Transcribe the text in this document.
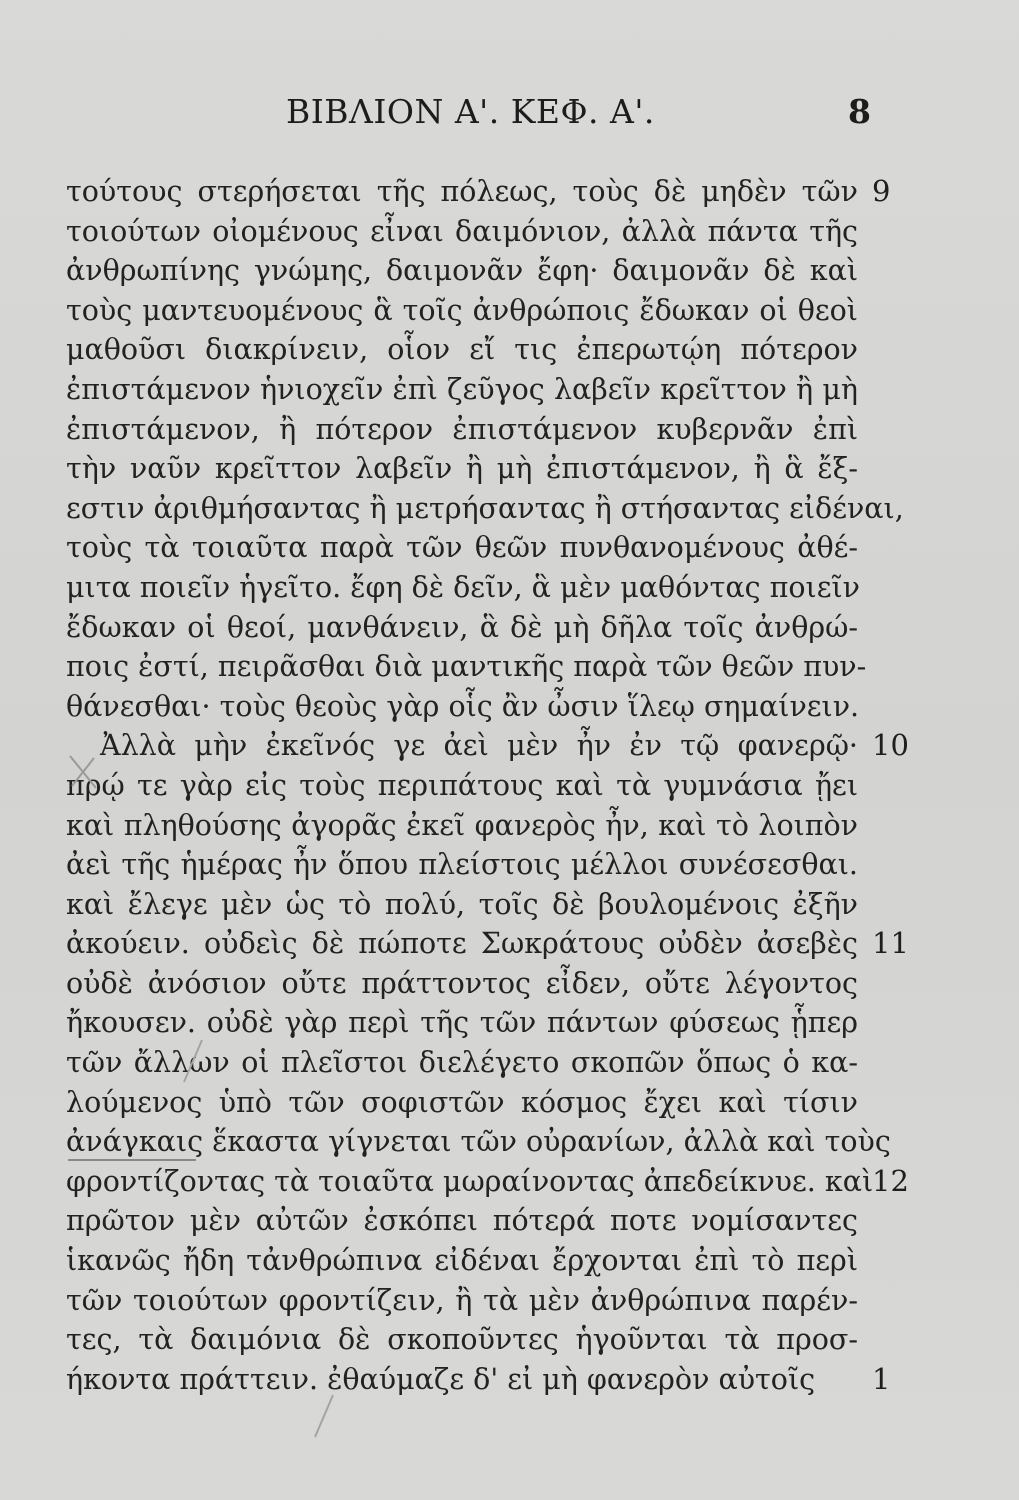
ΒΙΒΛΙΟΝ Α'. ΚΕΦ. Α'.	8
τούτους στερήσεται τῆς πόλεως, τοὺς δὲ μηδὲν τῶν
τοιούτων οἰομένους εἶναι δαιμόνιον, ἀλλὰ πάντα τῆς
ἀνθρωπίνης γνώμης, δαιμονᾶν ἔφη· δαιμονᾶν δὲ καὶ
τοὺς μαντευομένους ἃ τοῖς ἀνθρώποις ἔδωκαν οἱ θεοὶ
μαθοῦσι διακρίνειν, οἷον εἴ τις ἐπερωτῴη πότερον
ἐπιστάμενον ἡνιοχεῖν ἐπὶ ζεῦγος λαβεῖν κρεῖττον ἢ μὴ
ἐπιστάμενον, ἢ πότερον ἐπιστάμενον κυβερνᾶν ἐπὶ
τὴν ναῦν κρεῖττον λαβεῖν ἢ μὴ ἐπιστάμενον, ἢ ἃ ἔξ-
εστιν ἀριθμήσαντας ἢ μετρήσαντας ἢ στήσαντας εἰδέναι,
τοὺς τὰ τοιαῦτα παρὰ τῶν θεῶν πυνθανομένους ἀθέ-
μιτα ποιεῖν ἡγεῖτο. ἔφη δὲ δεῖν, ἃ μὲν μαθόντας ποιεῖν
ἔδωκαν οἱ θεοί, μανθάνειν, ἃ δὲ μὴ δῆλα τοῖς ἀνθρώ-
ποις ἐστί, πειρᾶσθαι διὰ μαντικῆς παρὰ τῶν θεῶν πυν-
θάνεσθαι· τοὺς θεοὺς γὰρ οἷς ἂν ὦσιν ἵλεῳ σημαίνειν.
Ἀλλὰ μὴν ἐκεῖνός γε ἀεὶ μὲν ἦν ἐν τῷ φανερῷ·
πρῴ τε γὰρ εἰς τοὺς περιπάτους καὶ τὰ γυμνάσια ᾔει
καὶ πληθούσης ἀγορᾶς ἐκεῖ φανερὸς ἦν, καὶ τὸ λοιπὸν
ἀεὶ τῆς ἡμέρας ἦν ὅπου πλείστοις μέλλοι συνέσεσθαι.
καὶ ἔλεγε μὲν ὡς τὸ πολύ, τοῖς δὲ βουλομένοις ἐξῆν
ἀκούειν. οὐδεὶς δὲ πώποτε Σωκράτους οὐδὲν ἀσεβὲς
οὐδὲ ἀνόσιον οὔτε πράττοντος εἶδεν, οὔτε λέγοντος
ἤκουσεν. οὐδὲ γὰρ περὶ τῆς τῶν πάντων φύσεως ᾗπερ
τῶν ἄλλων οἱ πλεῖστοι διελέγετο σκοπῶν ὅπως ὁ κα-
λούμενος ὑπὸ τῶν σοφιστῶν κόσμος ἔχει καὶ τίσιν
ἀνάγκαις ἕκαστα γίγνεται τῶν οὐρανίων, ἀλλὰ καὶ τοὺς
φροντίζοντας τὰ τοιαῦτα μωραίνοντας ἀπεδείκνυε. καὶ
πρῶτον μὲν αὐτῶν ἐσκόπει πότερά ποτε νομίσαντες
ἱκανῶς ἤδη τἀνθρώπινα εἰδέναι ἔρχονται ἐπὶ τὸ περὶ
τῶν τοιούτων φροντίζειν, ἢ τὰ μὲν ἀνθρώπινα παρέν-
τες, τὰ δαιμόνια δὲ σκοποῦντες ἡγοῦνται τὰ προσ-
ήκοντα πράττειν. ἐθαύμαζε δ' εἰ μὴ φανερὸν αὐτοῖς
9
10
11
12
1
